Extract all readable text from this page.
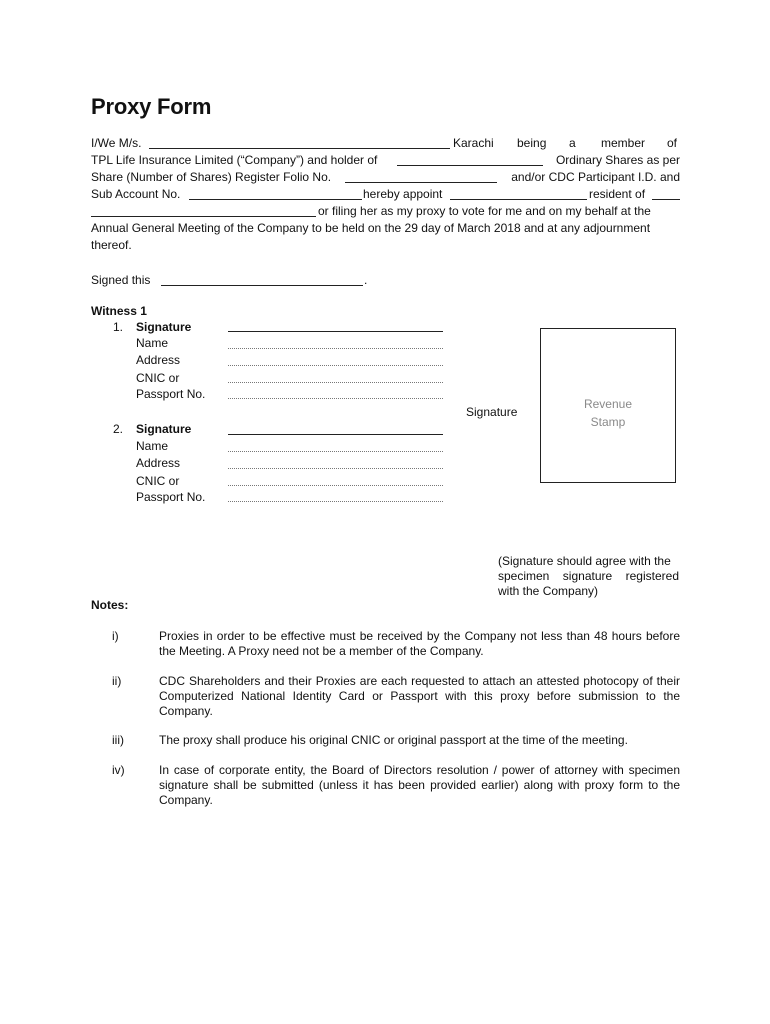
Proxy Form
I/We M/s.	Karachi being a member of
TPL Life Insurance Limited (“Company”) and holder of	Ordinary Shares as per
Share (Number of Shares) Register Folio No.	and/or CDC Participant I.D. and
Sub Account No.	hereby appoint	resident of
or filing her as my proxy to vote for me and on my behalf at the
Annual General Meeting of the Company to be held on the 29 day of March 2018 and at any adjournment
thereof.
Signed this	.
Witness 1
1. Signature
Name
Address
CNIC or
Passport No.
2. Signature
Name
Address
CNIC or
Passport No.
Signature
Revenue
Stamp
(Signature should agree with the
specimen signature registered
with the Company)
Notes:
i)	Proxies in order to be effective must be received by the Company not less than 48 hours before the Meeting. A Proxy need not be a member of the Company.
ii)	CDC Shareholders and their Proxies are each requested to attach an attested photocopy of their Computerized National Identity Card or Passport with this proxy before submission to the Company.
iii)	The proxy shall produce his original CNIC or original passport at the time of the meeting.
iv)	In case of corporate entity, the Board of Directors resolution / power of attorney with specimen signature shall be submitted (unless it has been provided earlier) along with proxy form to the Company.
